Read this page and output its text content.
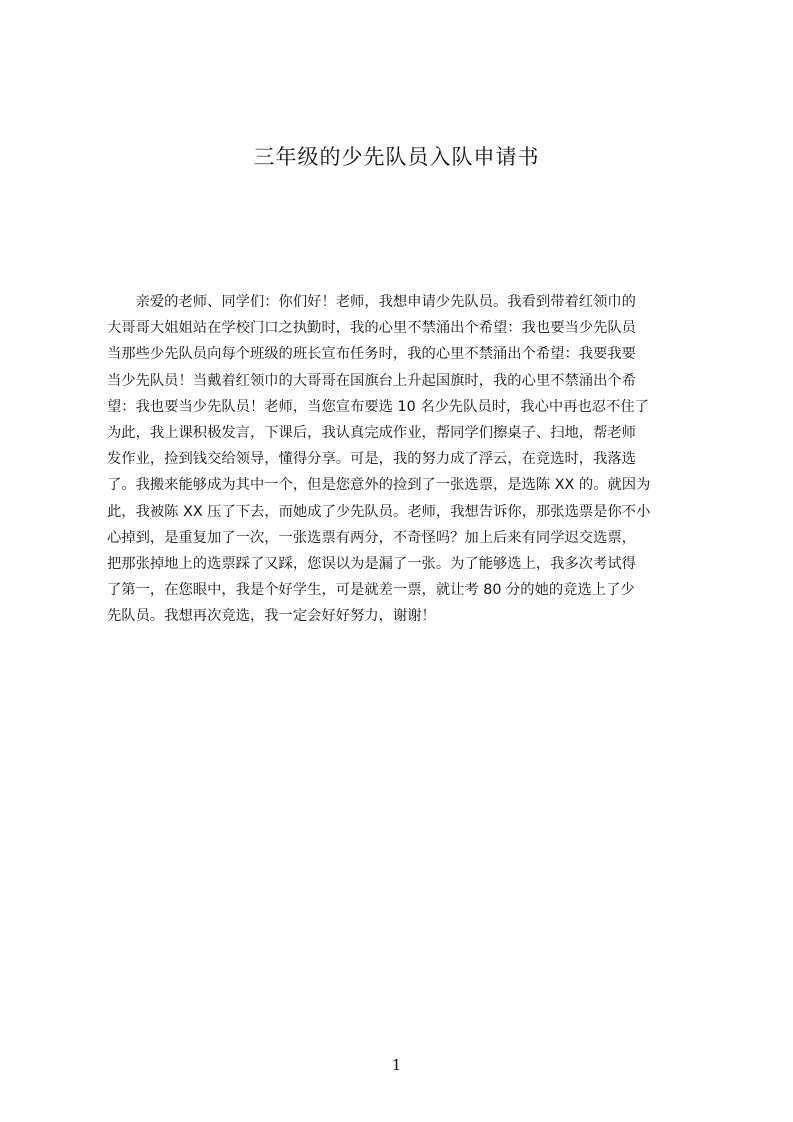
三年级的少先队员入队申请书
　　亲爱的老师、同学们：你们好！老师，我想申请少先队员。我看到带着红领巾的
大哥哥大姐姐站在学校门口之执勤时，我的心里不禁涌出个希望：我也要当少先队员
当那些少先队员向每个班级的班长宣布任务时，我的心里不禁涌出个希望：我要我要
当少先队员！当戴着红领巾的大哥哥在国旗台上升起国旗时，我的心里不禁涌出个希
望：我也要当少先队员！老师，当您宣布要选 10 名少先队员时，我心中再也忍不住了
为此，我上课积极发言，下课后，我认真完成作业，帮同学们擦桌子、扫地，帮老师
发作业，捡到钱交给领导，懂得分享。可是，我的努力成了浮云，在竞选时，我落选
了。我搬来能够成为其中一个，但是您意外的捡到了一张选票，是选陈 XX 的。就因为
此，我被陈 XX 压了下去，而她成了少先队员。老师，我想告诉你，那张选票是你不小
心掉到，是重复加了一次，一张选票有两分，不奇怪吗？加上后来有同学迟交选票，
把那张掉地上的选票踩了又踩，您误以为是漏了一张。为了能够选上，我多次考试得
了第一，在您眼中，我是个好学生，可是就差一票，就让考 80 分的她的竞选上了少
先队员。我想再次竞选，我一定会好好努力，谢谢！
1
